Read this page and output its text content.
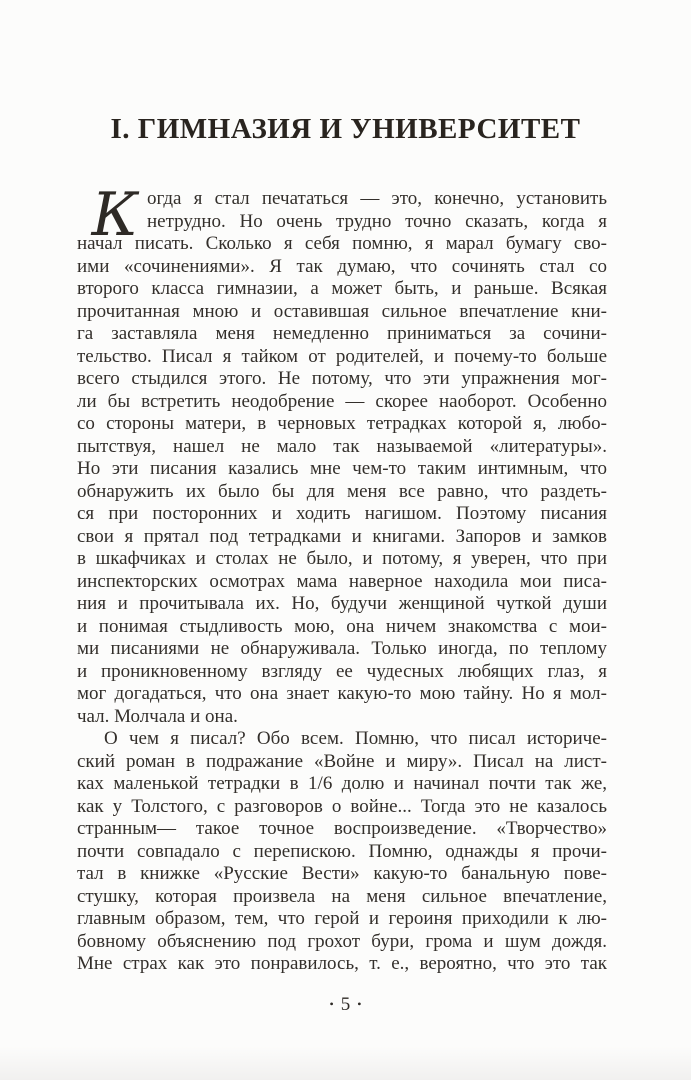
I. ГИМНАЗИЯ И УНИВЕРСИТЕТ
К огда я стал печататься — это, конечно, установить
нетрудно. Но очень трудно точно сказать, когда я
начал писать. Сколько я себя помню, я марал бумагу сво-
ими «сочинениями». Я так думаю, что сочинять стал со
второго класса гимназии, а может быть, и раньше. Всякая
прочитанная мною и оставившая сильное впечатление кни-
га заставляла меня немедленно приниматься за сочини-
тельство. Писал я тайком от родителей, и почему-то больше
всего стыдился этого. Не потому, что эти упражнения мог-
ли бы встретить неодобрение — скорее наоборот. Особенно
со стороны матери, в черновых тетрадках которой я, любо-
пытствуя, нашел не мало так называемой «литературы».
Но эти писания казались мне чем-то таким интимным, что
обнаружить их было бы для меня все равно, что раздеть-
ся при посторонних и ходить нагишом. Поэтому писания
свои я прятал под тетрадками и книгами. Запоров и замков
в шкафчиках и столах не было, и потому, я уверен, что при
инспекторских осмотрах мама наверное находила мои писа-
ния и прочитывала их. Но, будучи женщиной чуткой души
и понимая стыдливость мою, она ничем знакомства с мои-
ми писаниями не обнаруживала. Только иногда, по теплому
и проникновенному взгляду ее чудесных любящих глаз, я
мог догадаться, что она знает какую-то мою тайну. Но я мол-
чал. Молчала и она.
О чем я писал? Обо всем. Помню, что писал историче-
ский роман в подражание «Войне и миру». Писал на лист-
ках маленькой тетрадки в 1/6 долю и начинал почти так же,
как у Толстого, с разговоров о войне... Тогда это не казалось
странным— такое точное воспроизведение. «Творчество»
почти совпадало с перепискою. Помню, однажды я прочи-
тал в книжке «Русские Вести» какую-то банальную пове-
стушку, которая произвела на меня сильное впечатление,
главным образом, тем, что герой и героиня приходили к лю-
бовному объяснению под грохот бури, грома и шум дождя.
Мне страх как это понравилось, т. е., вероятно, что это так
• 5 •
